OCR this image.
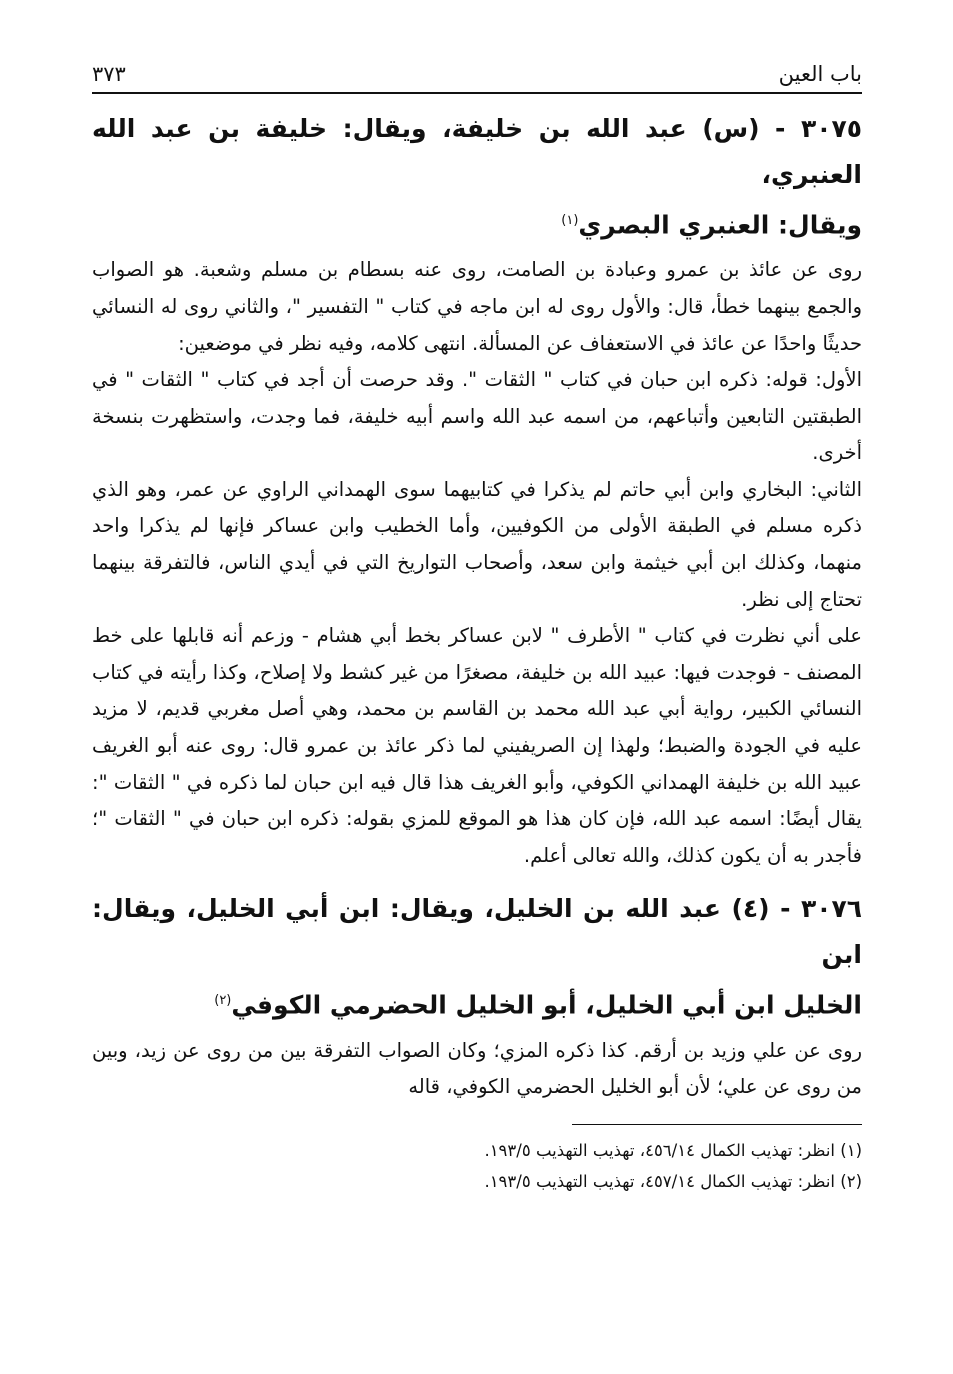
باب العين
٣٧٣
٣٠٧٥ - (س) عبد الله بن خليفة، ويقال: خليفة بن عبد الله العنبري،
ويقال: العنبري البصري$^{(١)}$

روى عن عائذ بن عمرو وعبادة بن الصامت، روى عنه بسطام بن مسلم وشعبة. هو الصواب والجمع بينهما خطأ، قال: والأول روى له ابن ماجه في كتاب " التفسير "، والثاني روى له النسائي حديثًا واحدًا عن عائذ في الاستعفاف عن المسألة. انتهى كلامه، وفيه نظر في موضعين:

الأول: قوله: ذكره ابن حبان في كتاب " الثقات ". وقد حرصت أن أجد في كتاب " الثقات " في الطبقتين التابعين وأتباعهم، من اسمه عبد الله واسم أبيه خليفة، فما وجدت، واستظهرت بنسخة أخرى.

الثاني: البخاري وابن أبي حاتم لم يذكرا في كتابيهما سوى الهمداني الراوي عن عمر، وهو الذي ذكره مسلم في الطبقة الأولى من الكوفيين، وأما الخطيب وابن عساكر فإنها لم يذكرا واحد منهما، وكذلك ابن أبي خيثمة وابن سعد، وأصحاب التواريخ التي في أيدي الناس، فالتفرقة بينهما تحتاج إلى نظر.

على أني نظرت في كتاب " الأطرف " لابن عساكر بخط أبي هشام - وزعم أنه قابلها على خط المصنف - فوجدت فيها: عبيد الله بن خليفة، مصغرًا من غير كشط ولا إصلاح، وكذا رأيته في كتاب النسائي الكبير، رواية أبي عبد الله محمد بن القاسم بن محمد، وهي أصل مغربي قديم، لا مزيد عليه في الجودة والضبط؛ ولهذا إن الصريفيني لما ذكر عائذ بن عمرو قال: روى عنه أبو الغريف عبيد الله بن خليفة الهمداني الكوفي، وأبو الغريف هذا قال فيه ابن حبان لما ذكره في " الثقات ": يقال أيضًا: اسمه عبد الله، فإن كان هذا هو الموقع للمزي بقوله: ذكره ابن حبان في " الثقات "؛ فأجدر به أن يكون كذلك، والله تعالى أعلم.

٣٠٧٦ - (٤) عبد الله بن الخليل، ويقال: ابن أبي الخليل، ويقال: ابن
الخليل ابن أبي الخليل، أبو الخليل الحضرمي الكوفي$^{(٢)}$

روى عن علي وزيد بن أرقم. كذا ذكره المزي؛ وكان الصواب التفرقة بين من روى عن زيد، وبين من روى عن علي؛ لأن أبو الخليل الحضرمي الكوفي، قاله

(١) انظر: تهذيب الكمال ٤٥٦/١٤، تهذيب التهذيب ١٩٣/٥.
(٢) انظر: تهذيب الكمال ٤٥٧/١٤، تهذيب التهذيب ١٩٣/٥.
